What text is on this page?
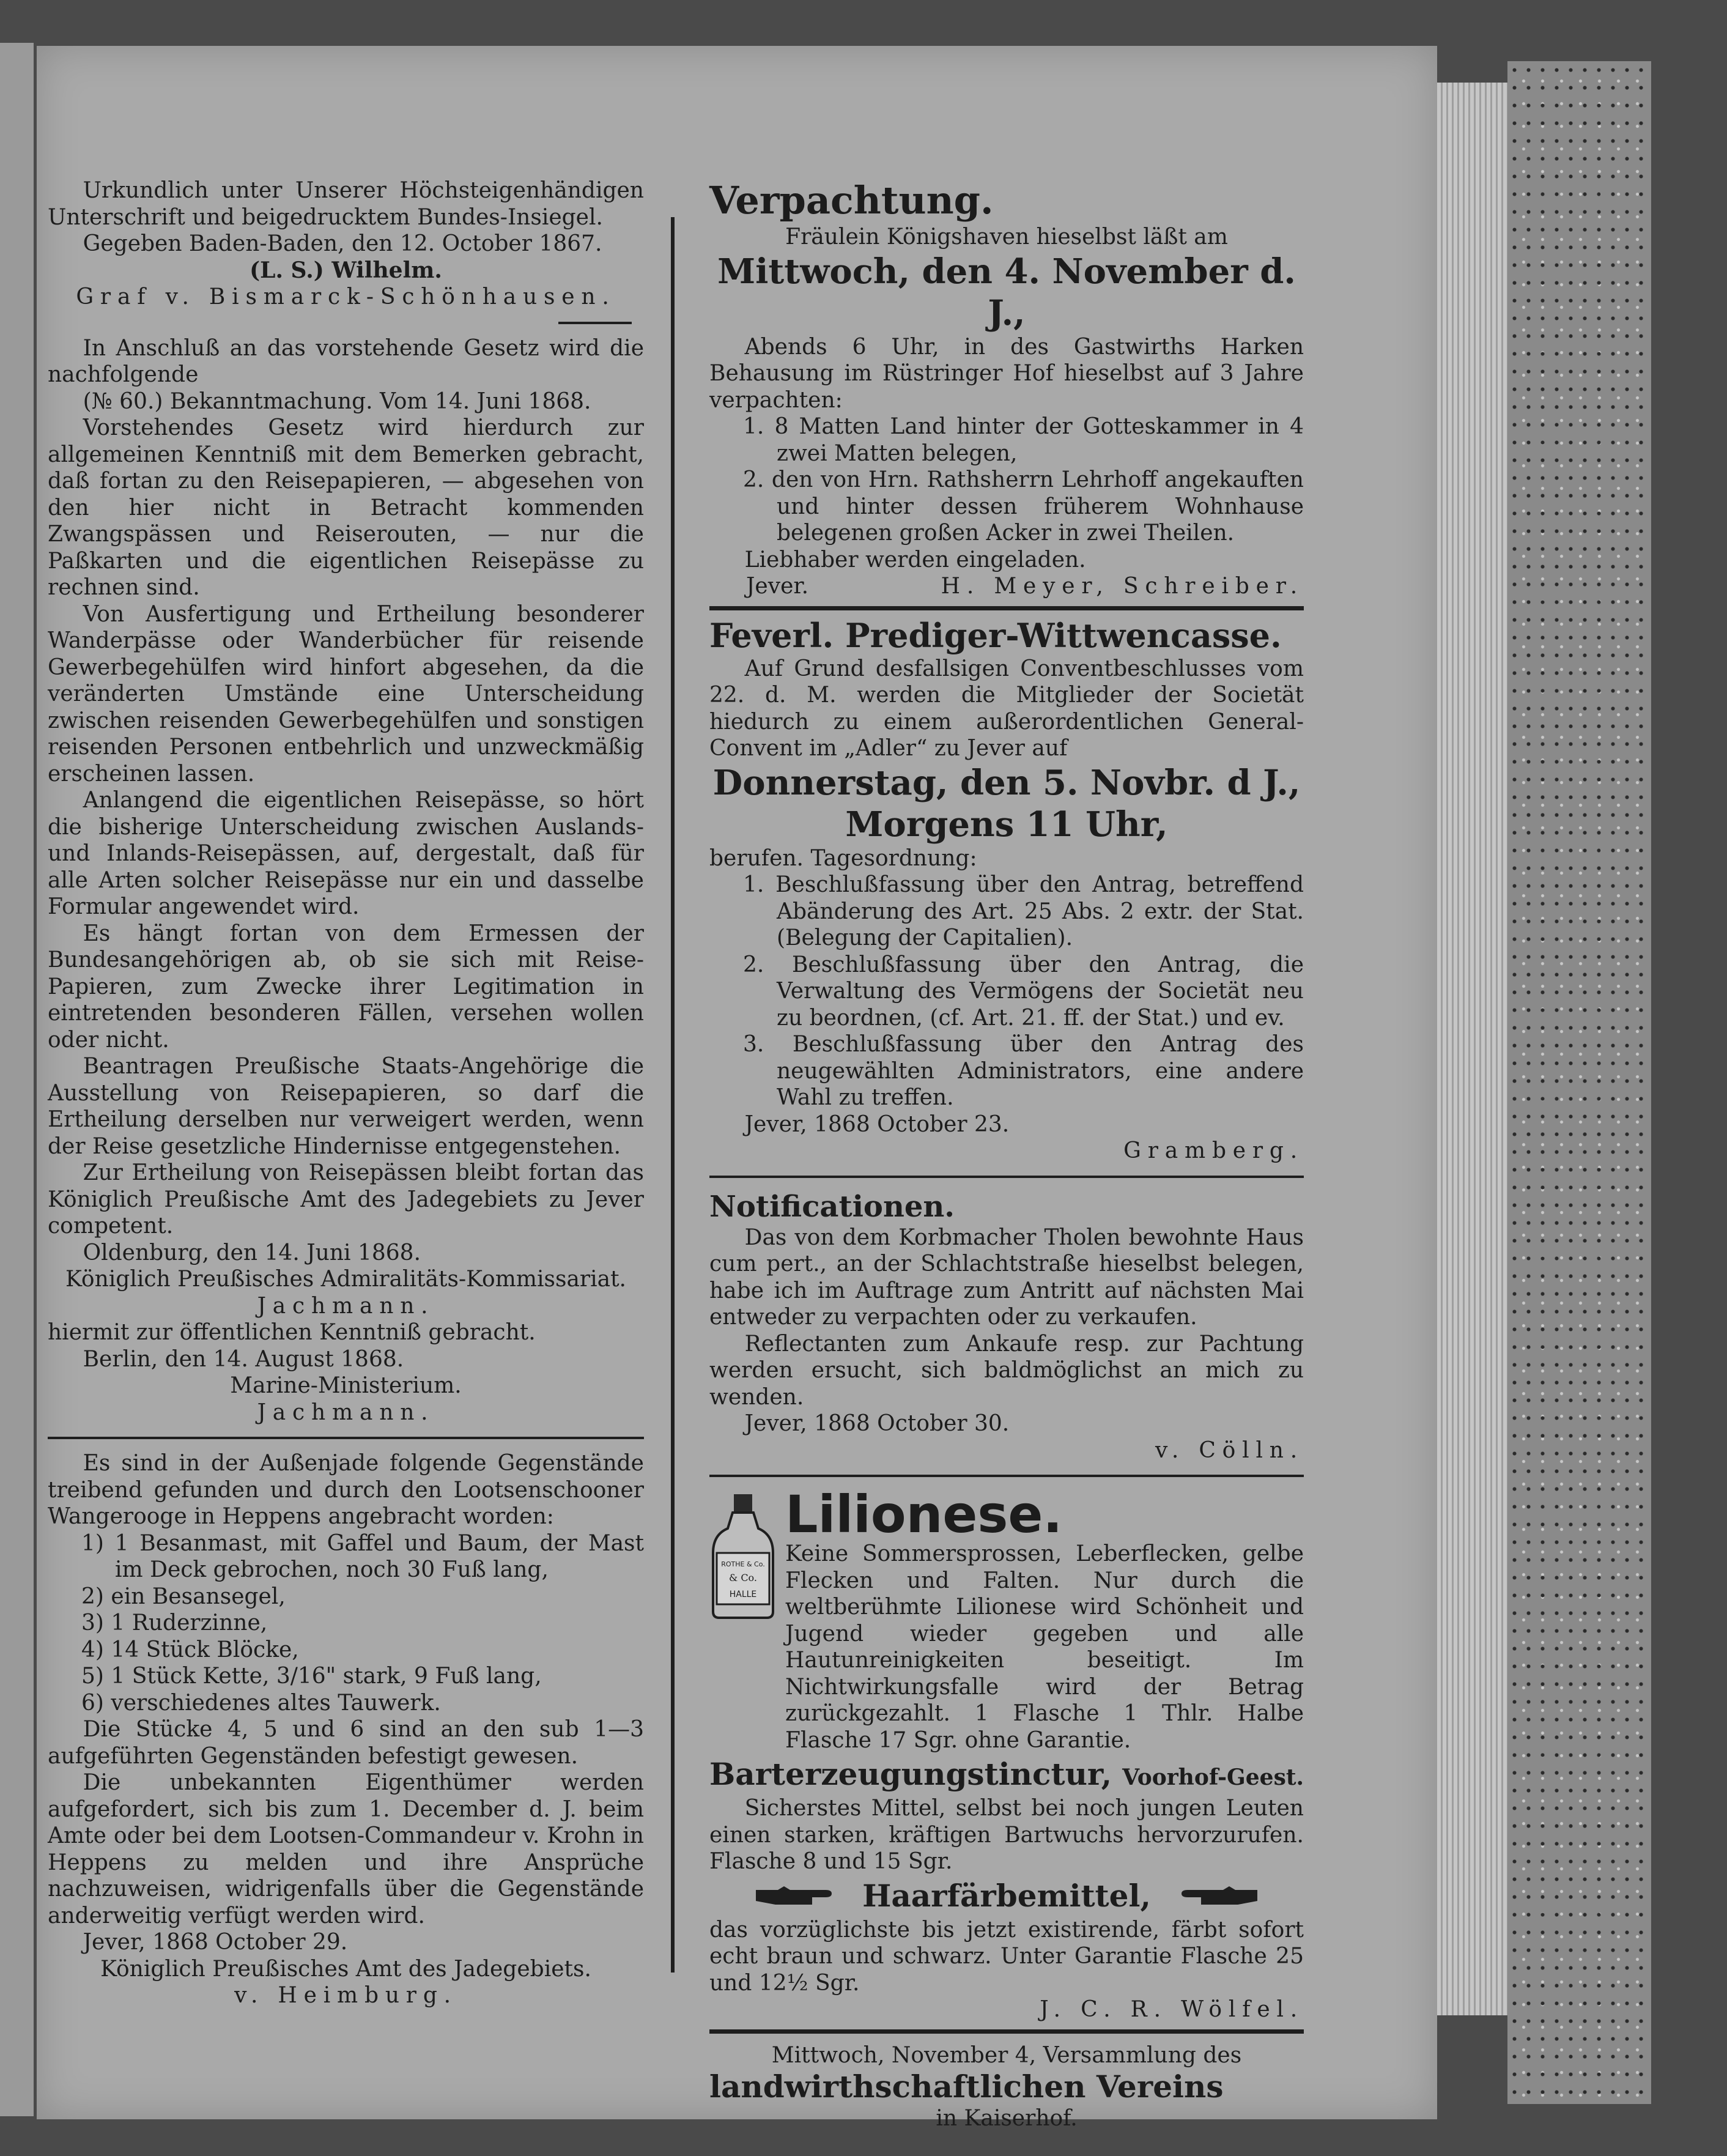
Urkundlich unter Unserer Höchsteigenhändigen Unterschrift und beigedrucktem Bundes-Insiegel.

Gegeben Baden-Baden, den 12. October 1867.

(L. S.) Wilhelm.

Graf v. Bismarck-Schönhausen.

In Anschluß an das vorstehende Gesetz wird die nachfolgende

(№ 60.) Bekanntmachung. Vom 14. Juni 1868.

Vorstehendes Gesetz wird hierdurch zur allgemeinen Kenntniß mit dem Bemerken gebracht, daß fortan zu den Reisepapieren, — abgesehen von den hier nicht in Betracht kommenden Zwangspässen und Reiserouten, — nur die Paßkarten und die eigentlichen Reisepässe zu rechnen sind.

Von Ausfertigung und Ertheilung besonderer Wanderpässe oder Wanderbücher für reisende Gewerbegehülfen wird hinfort abgesehen, da die veränderten Umstände eine Unterscheidung zwischen reisenden Gewerbegehülfen und sonstigen reisenden Personen entbehrlich und unzweckmäßig erscheinen lassen.

Anlangend die eigentlichen Reisepässe, so hört die bisherige Unterscheidung zwischen Auslands- und Inlands-Reisepässen, auf, dergestalt, daß für alle Arten solcher Reisepässe nur ein und dasselbe Formular angewendet wird.

Es hängt fortan von dem Ermessen der Bundesangehörigen ab, ob sie sich mit Reise-Papieren, zum Zwecke ihrer Legitimation in eintretenden besonderen Fällen, versehen wollen oder nicht.

Beantragen Preußische Staats-Angehörige die Ausstellung von Reisepapieren, so darf die Ertheilung derselben nur verweigert werden, wenn der Reise gesetzliche Hindernisse entgegenstehen.

Zur Ertheilung von Reisepässen bleibt fortan das Königlich Preußische Amt des Jadegebiets zu Jever competent.

Oldenburg, den 14. Juni 1868.

Königlich Preußisches Admiralitäts-Kommissariat.

Jachmann.

hiermit zur öffentlichen Kenntniß gebracht.

Berlin, den 14. August 1868.

Marine-Ministerium.

Jachmann.

Es sind in der Außenjade folgende Gegenstände treibend gefunden und durch den Lootsenschooner Wangeroogе in Heppens angebracht worden:

1) 1 Besanmast, mit Gaffel und Baum, der Mast im Deck gebrochen, noch 30 Fuß lang,

2) ein Besansegel,

3) 1 Ruderzinne,

4) 14 Stück Blöcke,

5) 1 Stück Kette, 3/16" stark, 9 Fuß lang,

6) verschiedenes altes Tauwerk.

Die Stücke 4, 5 und 6 sind an den sub 1—3 aufgeführten Gegenständen befestigt gewesen.

Die unbekannten Eigenthümer werden aufgefordert, sich bis zum 1. December d. J. beim Amte oder bei dem Lootsen-Commandeur v. Krohn in Heppens zu melden und ihre Ansprüche nachzuweisen, widrigenfalls über die Gegenstände anderweitig verfügt werden wird.

Jever, 1868 October 29.

Königlich Preußisches Amt des Jadegebiets.

v. Heimburg.

Verpachtung.

Fräulein Königshaven hieselbst läßt am

Mittwoch, den 4. November d. J.,

Abends 6 Uhr, in des Gastwirths Harken Behausung im Rüstringer Hof hieselbst auf 3 Jahre verpachten:

1. 8 Matten Land hinter der Gotteskammer in 4 zwei Matten belegen,

2. den von Hrn. Rathsherrn Lehrhoff angekauften und hinter dessen früherem Wohnhause belegenen großen Acker in zwei Theilen.

Liebhaber werden eingeladen.

Jever.	H. Meyer, Schreiber.

Feverl. Prediger-Wittwencasse.

Auf Grund desfallsigen Conventbeschlusses vom 22. d. M. werden die Mitglieder der Societät hiedurch zu einem außerordentlichen General-Convent im „Adler“ zu Jever auf

Donnerstag, den 5. Novbr. d J.,

Morgens 11 Uhr,

berufen. Tagesordnung:

1. Beschlußfassung über den Antrag, betreffend Abänderung des Art. 25 Abs. 2 extr. der Stat. (Belegung der Capitalien).

2. Beschlußfassung über den Antrag, die Verwaltung des Vermögens der Societät neu zu beordnen, (cf. Art. 21. ff. der Stat.) und ev.

3. Beschlußfassung über den Antrag des neugewählten Administrators, eine andere Wahl zu treffen.

Jever, 1868 October 23.

Gramberg.

Notificationen.

Das von dem Korbmacher Tholen bewohnte Haus cum pert., an der Schlachtstraße hieselbst belegen, habe ich im Auftrage zum Antritt auf nächsten Mai entweder zu verpachten oder zu verkaufen.

Reflectanten zum Ankaufe resp. zur Pachtung werden ersucht, sich baldmöglichst an mich zu wenden.

Jever, 1868 October 30.

v. Cölln.

ROTHE & Co.
& Co.
HALLE
Lilionese.

Keine Sommersprossen, Leberflecken, gelbe Flecken und Falten. Nur durch die weltberühmte Lilionese wird Schönheit und Jugend wieder gegeben und alle Hautunreinigkeiten beseitigt. Im Nichtwirkungsfalle wird der Betrag zurückgezahlt. 1 Flasche 1 Thlr. Halbe Flasche 17 Sgr. ohne Garantie.

Barterzeugungstinctur, Voorhof-Geest.

Sicherstes Mittel, selbst bei noch jungen Leuten einen starken, kräftigen Bartwuchs hervorzurufen. Flasche 8 und 15 Sgr.

Haarfärbemittel,

das vorzüglichste bis jetzt existirende, färbt sofort echt braun und schwarz. Unter Garantie Flasche 25 und 12½ Sgr.

J. C. R. Wölfel.

Mittwoch, November 4, Versammlung des

landwirthschaftlichen Vereins

in Kaiserhof.
